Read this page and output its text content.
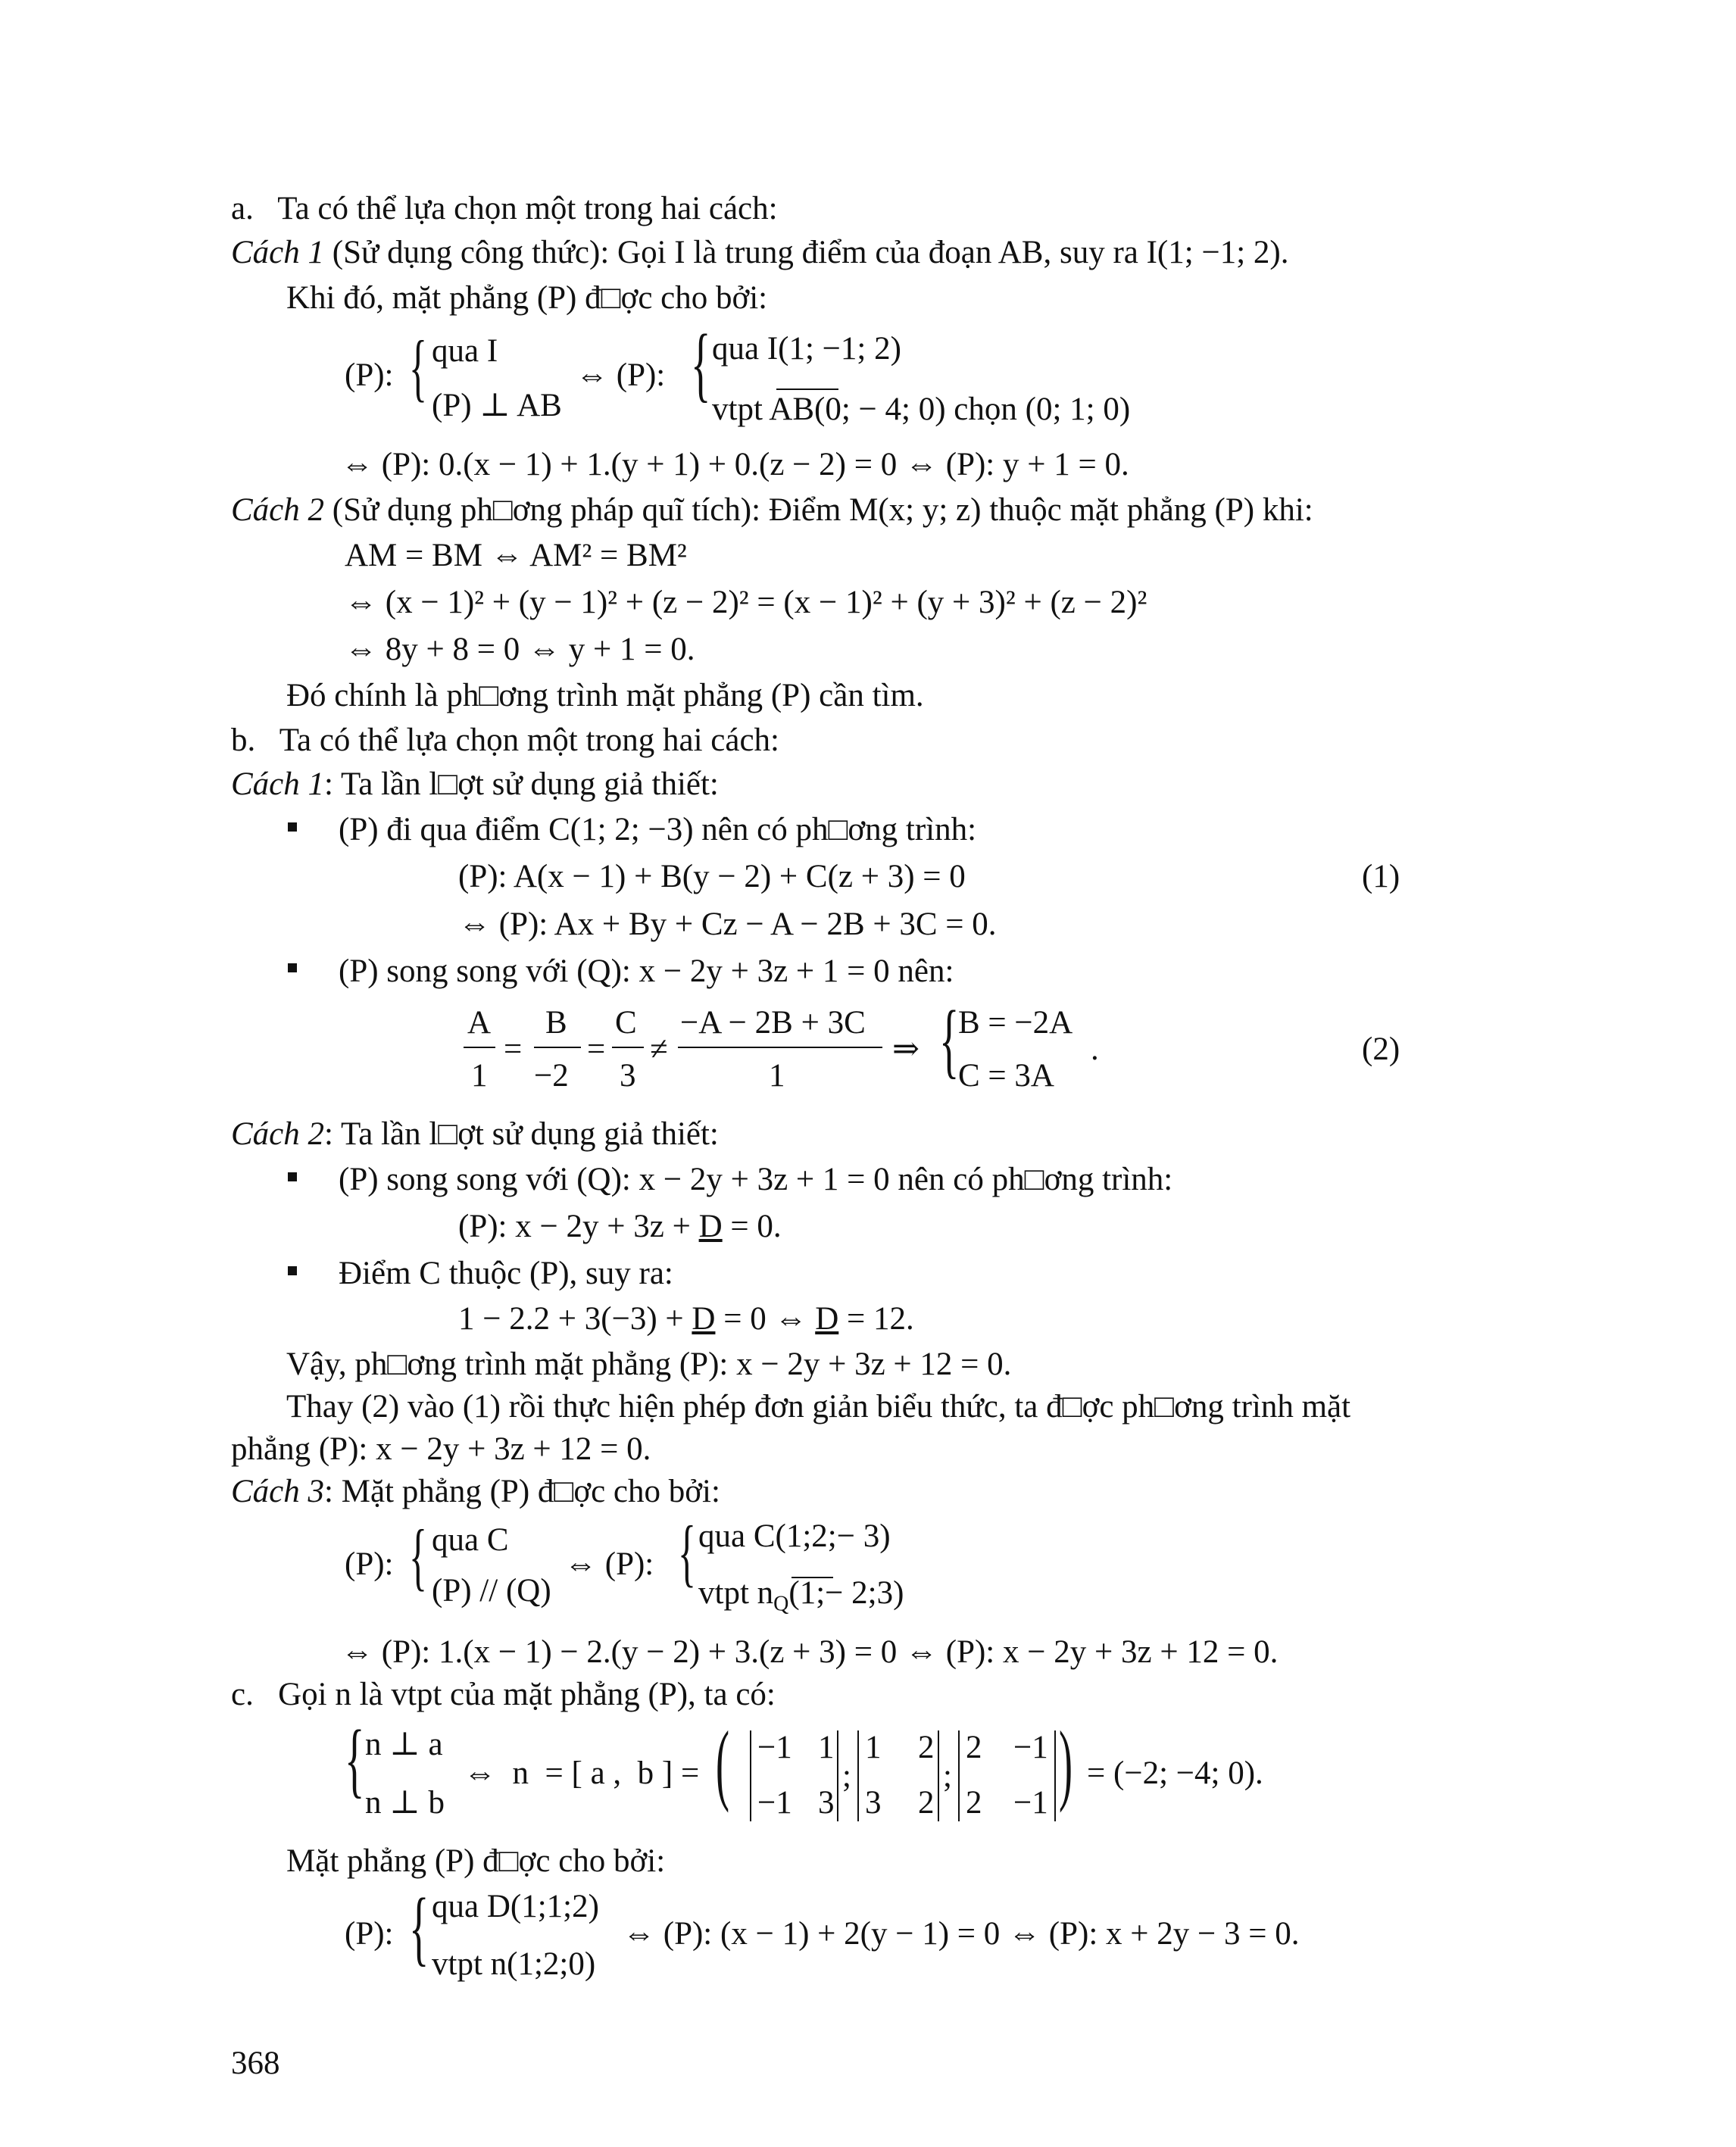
a.   Ta có thể lựa chọn một trong hai cách:
Cách 1 (Sử dụng công thức): Gọi I là trung điểm của đoạn AB, suy ra I(1; −1; 2).
Khi đó, mặt phẳng (P) đ□ợc cho bởi:
(P): { qua I
(P) ⊥ AB
⇔ (P): { qua I(1; −1; 2)
vtpt AB(0; − 4; 0) chọn (0; 1; 0)
⇔ (P): 0.(x − 1) + 1.(y + 1) + 0.(z − 2) = 0 ⇔ (P): y + 1 = 0.
Cách 2 (Sử dụng ph□ơng pháp quĩ tích): Điểm M(x; y; z) thuộc mặt phẳng (P) khi:
AM = BM ⇔ AM² = BM²
⇔ (x − 1)² + (y − 1)² + (z − 2)² = (x − 1)² + (y + 3)² + (z − 2)²
⇔ 8y + 8 = 0 ⇔ y + 1 = 0.
Đó chính là ph□ơng trình mặt phẳng (P) cần tìm.
b.   Ta có thể lựa chọn một trong hai cách:
Cách 1: Ta lần l□ợt sử dụng giả thiết:
(P) đi qua điểm C(1; 2; −3) nên có ph□ơng trình:
(P): A(x − 1) + B(y − 2) + C(z + 3) = 0	(1)
⇔ (P): Ax + By + Cz − A − 2B + 3C = 0.
(P) song song với (Q): x − 2y + 3z + 1 = 0 nên:
A
1
=
B
−2
=
C
3
≠
−A − 2B + 3C
1
⇒ {
B = −2A
C = 3A
.	(2)
Cách 2: Ta lần l□ợt sử dụng giả thiết:
(P) song song với (Q): x − 2y + 3z + 1 = 0 nên có ph□ơng trình:
(P): x − 2y + 3z + D = 0.
Điểm C thuộc (P), suy ra:
1 − 2.2 + 3(−3) + D = 0 ⇔ D = 12.
Vậy, ph□ơng trình mặt phẳng (P): x − 2y + 3z + 12 = 0.
Thay (2) vào (1) rồi thực hiện phép đơn giản biểu thức, ta đ□ợc ph□ơng trình mặt
phẳng (P): x − 2y + 3z + 12 = 0.
Cách 3: Mặt phẳng (P) đ□ợc cho bởi:
(P): { qua C
(P) // (Q)
⇔ (P): { qua C(1;2;− 3)
vtpt $n_Q(1;-$ 2;3)
⇔ (P): 1.(x − 1) − 2.(y − 2) + 3.(z + 3) = 0 ⇔ (P): x − 2y + 3z + 12 = 0.
c.   Gọi n là vtpt của mặt phẳng (P), ta có:
{ n ⊥ a
n ⊥ b
⇔  n  = [ a ,  b ] = ( −1 1
−1 3
;
1 2
3 2
;
2 −1
2 −1 ) = (−2; −4; 0).
Mặt phẳng (P) đ□ợc cho bởi:
(P): { qua D(1;1;2)
vtpt n(1;2;0)
⇔ (P): (x − 1) + 2(y − 1) = 0 ⇔ (P): x + 2y − 3 = 0.
368
